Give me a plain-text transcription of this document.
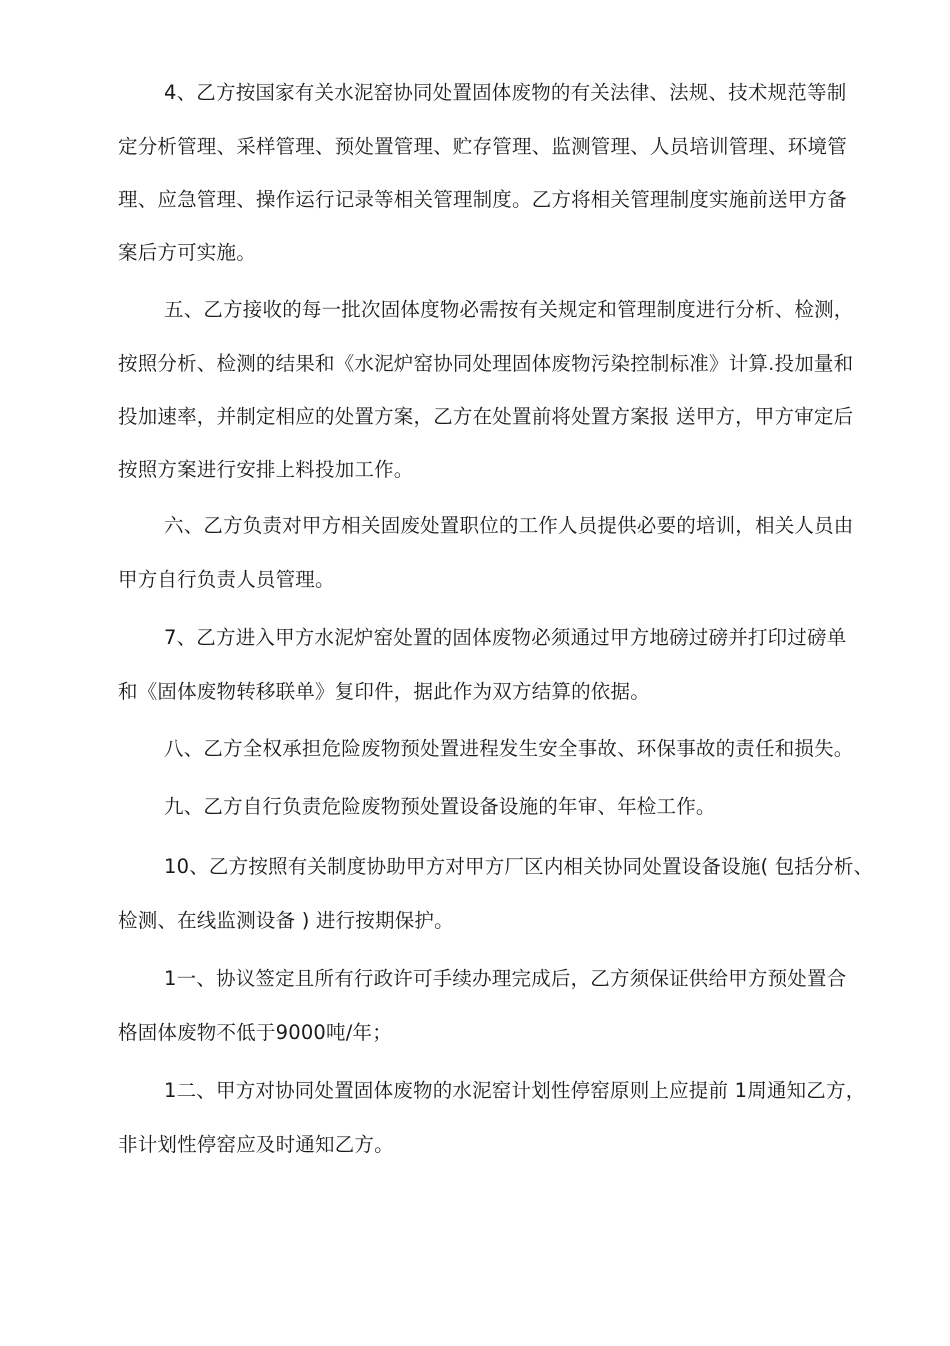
4、乙方按国家有关水泥窑协同处置固体废物的有关法律、法规、技术规范等制
定分析管理、采样管理、预处置管理、贮存管理、监测管理、人员培训管理、环境管
理、应急管理、操作运行记录等相关管理制度。乙方将相关管理制度实施前送甲方备
案后方可实施。
五、乙方接收的每一批次固体度物必需按有关规定和管理制度进行分析、检测，
按照分析、检测的结果和《水泥炉窑协同处理固体废物污染控制标准》计算.投加量和
投加速率，并制定相应的处置方案，乙方在处置前将处置方案报 送甲方，甲方审定后
按照方案进行安排上料投加工作。
六、乙方负责对甲方相关固废处置职位的工作人员提供必要的培训，相关人员由
甲方自行负责人员管理。
7、乙方进入甲方水泥炉窑处置的固体废物必须通过甲方地磅过磅并打印过磅单
和《固体废物转移联单》复印件，据此作为双方结算的依据。
八、乙方全权承担危险废物预处置进程发生安全事故、环保事故的责任和损失。
九、乙方自行负责危险废物预处置设备设施的年审、年检工作。
10、乙方按照有关制度协助甲方对甲方厂区内相关协同处置设备设施( 包括分析、
检测、在线监测设备 ) 进行按期保护。
1一、协议签定且所有行政许可手续办理完成后，乙方须保证供给甲方预处置合
格固体废物不低于9000吨/年；
1二、甲方对协同处置固体废物的水泥窑计划性停窑原则上应提前 1周通知乙方，
非计划性停窑应及时通知乙方。
